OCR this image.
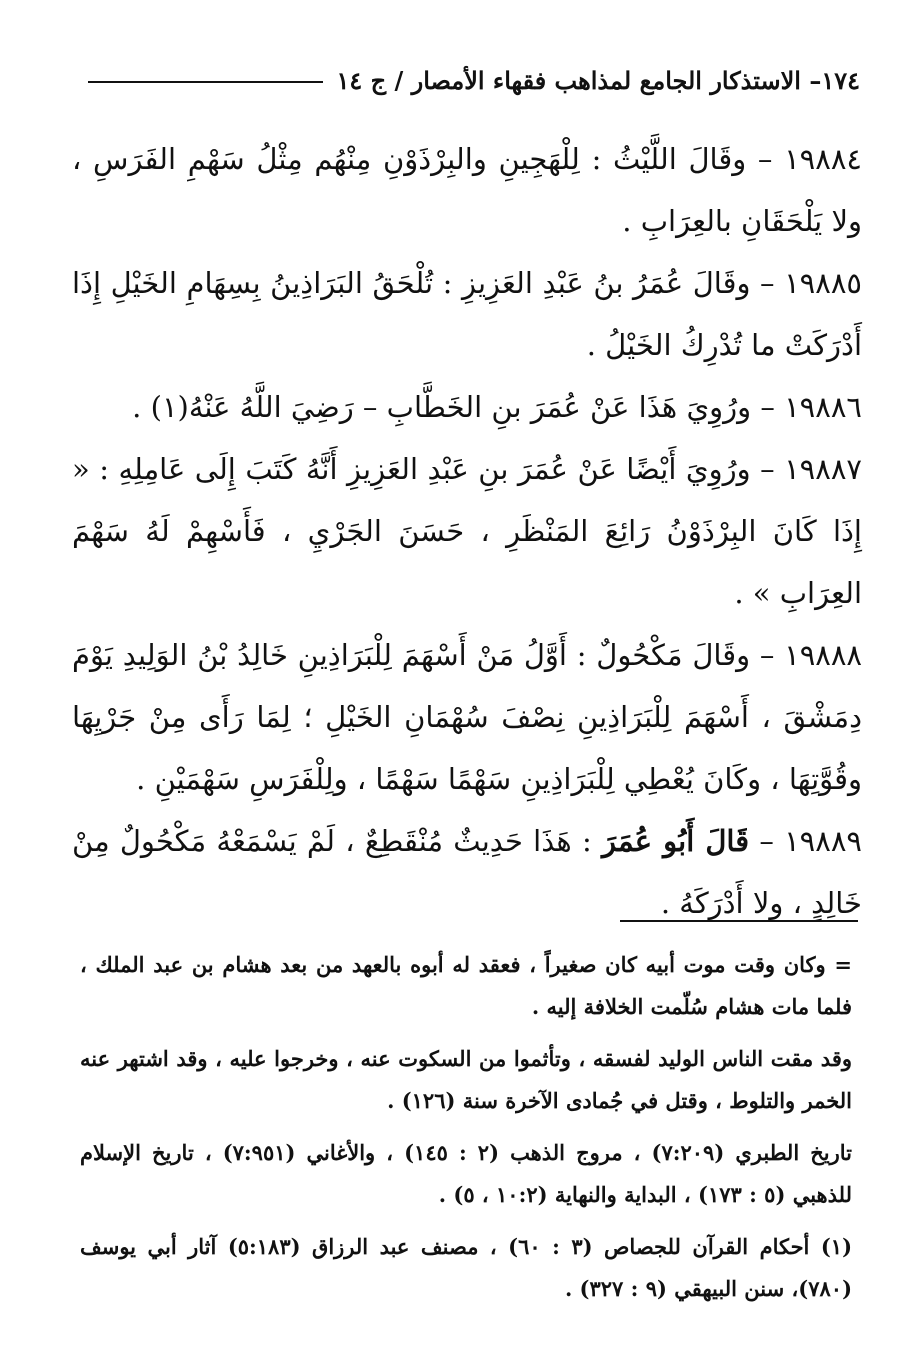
١٧٤– الاستذكار الجامع لمذاهب فقهاء الأمصار / ج ١٤

١٩٨٨٤ – وقَالَ اللَّيْثُ : لِلْهَجِينِ والبِرْذَوْنِ مِنْهُم مِثْلُ سَهْمِ الفَرَسِ ، ولا يَلْحَقَانِ بالعِرَابِ .

١٩٨٨٥ – وقَالَ عُمَرُ بنُ عَبْدِ العَزِيزِ : تُلْحَقُ البَرَاذِينُ بِسِهَامِ الخَيْلِ إِذَا أَدْرَكَتْ ما تُدْرِكُ الخَيْلُ .

١٩٨٨٦ – ورُوِيَ هَذَا عَنْ عُمَرَ بنِ الخَطَّابِ – رَضِيَ اللَّهُ عَنْهُ(١) .

١٩٨٨٧ – ورُوِيَ أَيْضًا عَنْ عُمَرَ بنِ عَبْدِ العَزِيزِ أَنَّهُ كَتَبَ إِلَى عَامِلِهِ : « إِذَا كَانَ البِرْذَوْنُ رَائِعَ المَنْظَرِ ، حَسَنَ الجَرْيِ ، فَأَسْهِمْ لَهُ سَهْمَ العِرَابِ » .

١٩٨٨٨ – وقَالَ مَكْحُولٌ : أَوَّلُ مَنْ أَسْهَمَ لِلْبَرَاذِينِ خَالِدُ بْنُ الوَلِيدِ يَوْمَ دِمَشْقَ ، أَسْهَمَ لِلْبَرَاذِينِ نِصْفَ سُهْمَانِ الخَيْلِ ؛ لِمَا رَأَى مِنْ جَرْيِهَا وقُوَّتِهَا ، وكَانَ يُعْطِي لِلْبَرَاذِينِ سَهْمًا سَهْمًا ، ولِلْفَرَسِ سَهْمَيْنِ .

١٩٨٨٩ – قَالَ أَبُو عُمَرَ : هَذَا حَدِيثٌ مُنْقَطِعٌ ، لَمْ يَسْمَعْهُ مَكْحُولٌ مِنْ خَالِدٍ ، ولا أَدْرَكَهُ .

= وكان وقت موت أبيه كان صغيراً ، فعقد له أبوه بالعهد من بعد هشام بن عبد الملك ، فلما مات هشام سُلّمت الخلافة إليه .

وقد مقت الناس الوليد لفسقه ، وتأثموا من السكوت عنه ، وخرجوا عليه ، وقد اشتهر عنه الخمر والتلوط ، وقتل في جُمادى الآخرة سنة (١٢٦) .

تاريخ الطبري (٧:٢٠٩) ، مروج الذهب (٢ : ١٤٥) ، والأغاني (٧:٩٥١) ، تاريخ الإسلام للذهبي (٥ : ١٧٣) ، البداية والنهاية (١٠:٢ ، ٥) .

(١) أحكام القرآن للجصاص (٣ : ٦٠) ، مصنف عبد الرزاق (٥:١٨٣) آثار أبي يوسف (٧٨٠)، سنن البيهقي (٩ : ٣٢٧) .
